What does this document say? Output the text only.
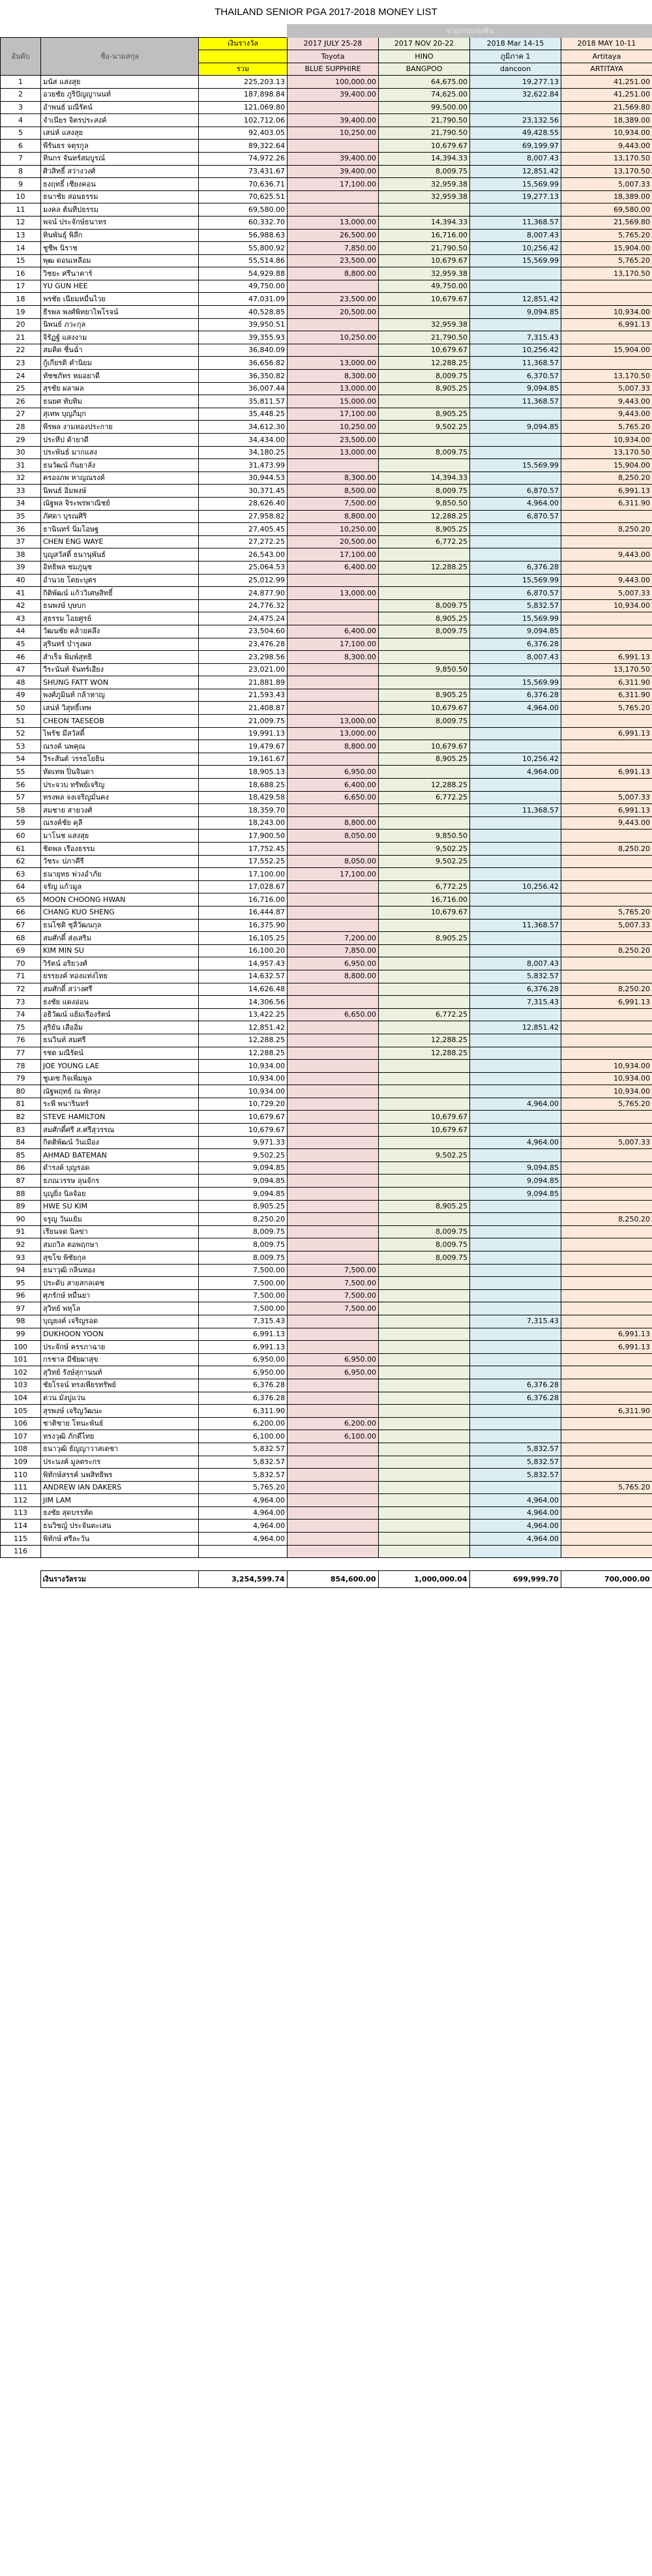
THAILAND SENIOR PGA 2017-2018 MONEY LIST
			รายการแข่งขัน			
อันดับ	ชื่อ-นามสกุล	เงินรางวัล	2017 JULY 25-28	2017 NOV 20-22	2018 Mar 14-15	2018 MAY 10-11
			Toyota	HINO	ภูมิภาค 1	Artitaya
		รวม	BLUE SUPPHIRE	BANGPOO	dancoon	ARTITAYA
1	มนัส แสงสุย	225,203.13	100,000.00	64,675.00	19,277.13	41,251.00
2	อวยชัย ภูริปัญญานนท์	187,898.84	39,400.00	74,625.00	32,622.84	41,251.00
3	อำพนธ์ มณีรัตน์	121,069.80		99,500.00		21,569.80
4	จำเนียร จิตรประสงค์	102,712.06	39,400.00	21,790.50	23,132.56	18,389.00
5	เสน่ห์ แสงสุย	92,403.05	10,250.00	21,790.50	49,428.55	10,934.00
6	พีรันธร จตุรกูล	89,322.64		10,679.67	69,199.97	9,443.00
7	ทินกร จันทร์สมบูรณ์	74,972.26	39,400.00	14,394.33	8,007.43	13,170.50
8	ศิวสิทธิ์ สว่างวงศ์	73,431.67	39,400.00	8,009.75	12,851.42	13,170.50
9	ธงฤทธิ์ เชียงคอน	70,636.71	17,100.00	32,959.38	15,569.99	5,007.33
10	ธนาชัย สอนธรรม	70,625.51		32,959.38	19,277.13	18,389.00
11	มงคล ต้นทีปธรรม	69,580.00				69,580.00
12	พจน์ ประจักษ์ธนาทร	60,332.70	13,000.00	14,394.33	11,368.57	21,569.80
13	ทินพันธุ์ พิลึก	56,988.63	26,500.00	16,716.00	8,007.43	5,765.20
14	ชูชีพ นิราช	55,800.92	7,850.00	21,790.50	10,256.42	15,904.00
15	พุฒ ดอนเหลือม	55,514.86	23,500.00	10,679.67	15,569.99	5,765.20
16	วิชยะ ศรีนาคาร์	54,929.88	8,800.00	32,959.38		13,170.50
17	YU GUN HEE	49,750.00		49,750.00		
18	พรชัย เนียมหมื่นไวย	47,031.09	23,500.00	10,679.67	12,851.42	
19	ธีรพล พงศ์พิทยาไพโรจน์	40,528.85	20,500.00		9,094.85	10,934.00
20	นิพนธ์ ภวะกุล	39,950.51		32,959.38		6,991.13
21	จิรัฏฐ์ แสงงาม	39,355.93	10,250.00	21,790.50	7,315.43	
22	สมคิด ชื่นฉ่ำ	36,840.09		10,679.67	10,256.42	15,904.00
23	กู้เกียรติ คำนิยม	36,656.82	13,000.00	12,288.25	11,368.57	
24	ทัชชภัทร หมอยาดี	36,350.82	8,300.00	8,009.75	6,370.57	13,170.50
25	สุรชัย ผลาผล	36,007.44	13,000.00	8,905.25	9,094.85	5,007.33
26	ธนยศ ทับทิม	35,811.57	15,000.00		11,368.57	9,443.00
27	สุเทพ บุญภิมุก	35,448.25	17,100.00	8,905.25		9,443.00
28	พีรพล งามทองประกาย	34,612.30	10,250.00	9,502.25	9,094.85	5,765.20
29	ประทีป ค้ายาดี	34,434.00	23,500.00			10,934.00
30	ประพันธ์ มากแสง	34,180.25	13,000.00	8,009.75		13,170.50
31	ธนวัฒน์ กันยาลัง	31,473.99			15,569.99	15,904.00
32	ครองภพ หาญณรงค์	30,944.53	8,300.00	14,394.33		8,250.20
33	นิพนธ์ อิ่มพงษ์	30,371.45	8,500.00	8,009.75	6,870.57	6,991.13
34	ณัฐพล จิระพรพาณิชย์	28,626.40	7,500.00	9,850.50	4,964.00	6,311.90
35	ภัศดา บุรณศิริ	27,958.82	8,800.00	12,288.25	6,870.57	
36	ธานินทร์ นิ่มโอษฐ	27,405.45	10,250.00	8,905.25		8,250.20
37	CHEN ENG WAYE	27,272.25	20,500.00	6,772.25		
38	บุญสวัสดิ์ ธนานุพันธ์	26,543.00	17,100.00			9,443.00
39	อิทธิพล ชมภูนุช	25,064.53	6,400.00	12,288.25	6,376.28	
40	อำนวย โตยะบุตร	25,012.99			15,569.99	9,443.00
41	กิติพัฒน์ แก้ววิเศษสิทธิ์	24,877.90	13,000.00		6,870.57	5,007.33
42	ธนพงษ์ บุษบก	24,776.32		8,009.75	5,832.57	10,934.00
43	สุธรรม ไอยศูรย์	24,475.24		8,905.25	15,569.99	
44	วัฒนชัย คล้ายคลึง	23,504.60	6,400.00	8,009.75	9,094.85	
45	สุรินทร์ บำรุงผล	23,476.28	17,100.00		6,376.28	
46	สำเร็จ พิมพ์สุทธิ	23,298.56	8,300.00		8,007.43	6,991.13
47	วีระนันท์ จันทร์เอียง	23,021.00		9,850.50		13,170.50
48	SHUNG FATT WON	21,881.89			15,569.99	6,311.90
49	พงศ์ภูมินท์ กล้าหาญ	21,593.43		8,905.25	6,376.28	6,311.90
50	เสน่ห์ วิสุทธิ์เทพ	21,408.87		10,679.67	4,964.00	5,765.20
51	CHEON TAESEOB	21,009.75	13,000.00	8,009.75		
52	ไพรัช มีสวัสดิ์	19,991.13	13,000.00			6,991.13
53	ณรงค์ นพคุณ	19,479.67	8,800.00	10,679.67		
54	วีระสันต์ วรรธโยธิน	19,161.67		8,905.25	10,256.42	
55	ทัดเทพ ปิ่นจินดา	18,905.13	6,950.00		4,964.00	6,991.13
56	ประจวบ ทรัพย์เจริญ	18,688.25	6,400.00	12,288.25		
57	ทรงพล จงเจริญมั่นคง	18,429.58	6,650.00	6,772.25		5,007.33
58	สมชาย สายวงศ์	18,359.70			11,368.57	6,991.13
59	ณรงค์ชัย คุลี	18,243.00	8,800.00			9,443.00
60	มาโนช แสงสุย	17,900.50	8,050.00	9,850.50		
61	ชิดพล เรืองธรรม	17,752.45		9,502.25		8,250.20
62	วัชระ ปภาคีรี	17,552.25	8,050.00	9,502.25		
63	ธนายุทธ พ่วงอำภัย	17,100.00	17,100.00			
64	จรัญ แก้วมูล	17,028.67		6,772.25	10,256.42	
65	MOON CHOONG HWAN	16,716.00		16,716.00		
66	CHANG KUO SHENG	16,444.87		10,679.67		5,765.20
67	ธนโชติ ชุลีวัฒนกุล	16,375.90			11,368.57	5,007.33
68	สมศักดิ์ ส่งเสริม	16,105.25	7,200.00	8,905.25		
69	KIM MIN SU	16,100.20	7,850.00			8,250.20
70	วิรัตน์ อริยวงศ์	14,957.43	6,950.00		8,007.43	
71	ยรรยงค์ ทองแท่งไทย	14,632.57	8,800.00		5,832.57	
72	สมศักดิ์ สว่างศรี	14,626.48			6,376.28	8,250.20
73	ธงชัย แดงอ่อน	14,306.56			7,315.43	6,991.13
74	อธิวัฒน์ แย้มเรืองรัตน์	13,422.25	6,650.00	6,772.25		
75	สุริยัน เสืออิ่ม	12,851.42			12,851.42	
76	ธนวินท์ สมศรี	12,288.25		12,288.25		
77	รชต มณีรัตน์	12,288.25		12,288.25		
78	JOE YOUNG LAE	10,934.00				10,934.00
79	ชูเดช กิจเพิ่มพูล	10,934.00				10,934.00
80	ณัฐพฤทธ์ ณ พัทลุง	10,934.00				10,934.00
81	ระพี พนารินทร์	10,729.20			4,964.00	5,765.20
82	STEVE HAMILTON	10,679.67		10,679.67		
83	สมศักดิ์ศรี ส.ศรีสุวรรณ	10,679.67		10,679.67		
84	กิตติพัฒน์ วันเมือง	9,971.33			4,964.00	5,007.33
85	AHMAD BATEMAN	9,502.25		9,502.25		
86	ดำรงค์ บุญรอด	9,094.85			9,094.85	
87	ธภณวรรษ ลุนจักร	9,094.85			9,094.85	
88	บุญยิ่ง นิลจ้อย	9,094.85			9,094.85	
89	HWE SU KIM	8,905.25		8,905.25		
90	จรูญ วันแย้ม	8,250.20				8,250.20
91	เรียนจด นิลข่า	8,009.75		8,009.75		
92	สมถวิล ตอพฤกษา	8,009.75		8,009.75		
93	สุขโข พิชัยกุล	8,009.75		8,009.75		
94	ธนาวุฒิ กลิ่นทอง	7,500.00	7,500.00			
95	ประดับ สายสกลเดช	7,500.00	7,500.00			
96	ศุภรักษ์ หมื่นยา	7,500.00	7,500.00			
97	สุวิทย์ พหุโล	7,500.00	7,500.00			
98	บุญยงค์ เจริญรอด	7,315.43			7,315.43	
99	DUKHOON YOON	6,991.13				6,991.13
100	ประจักษ์ ครรภาฉาย	6,991.13				6,991.13
101	กรชาล มีชัยผาสุข	6,950.00	6,950.00			
102	สุวิทย์ รังษ์สุกานนท์	6,950.00	6,950.00			
103	ชัยโรจน์ ทรงเพียรทรัพย์	6,376.28			6,376.28	
104	ต่วน มังบู่แว่น	6,376.28			6,376.28	
105	สุรพงษ์ เจริญวัฒนะ	6,311.90				6,311.90
106	ชาติชาย โทนะพันธ์	6,200.00	6,200.00			
107	ทรงวุฒิ ภักดีไทย	6,100.00	6,100.00			
108	ธนาวุฒิ ธัญญาวาสเดชา	5,832.57			5,832.57	
109	ประนงค์ มูลตระกร	5,832.57			5,832.57	
110	พิทักษ์สรรค์ นพสิทธิพร	5,832.57			5,832.57	
111	ANDREW IAN DAKERS	5,765.20				5,765.20
112	JIM LAM	4,964.00			4,964.00	
113	ธงชัย สุดบรรทัด	4,964.00			4,964.00	
114	ธนวิชญ์ ประจันตะเสน	4,964.00			4,964.00	
115	พิทักษ์ ศรีละวัน	4,964.00			4,964.00	
116						

	เงินรางวัลรวม	3,254,599.74	854,600.00	1,000,000.04	699,999.70	700,000.00
